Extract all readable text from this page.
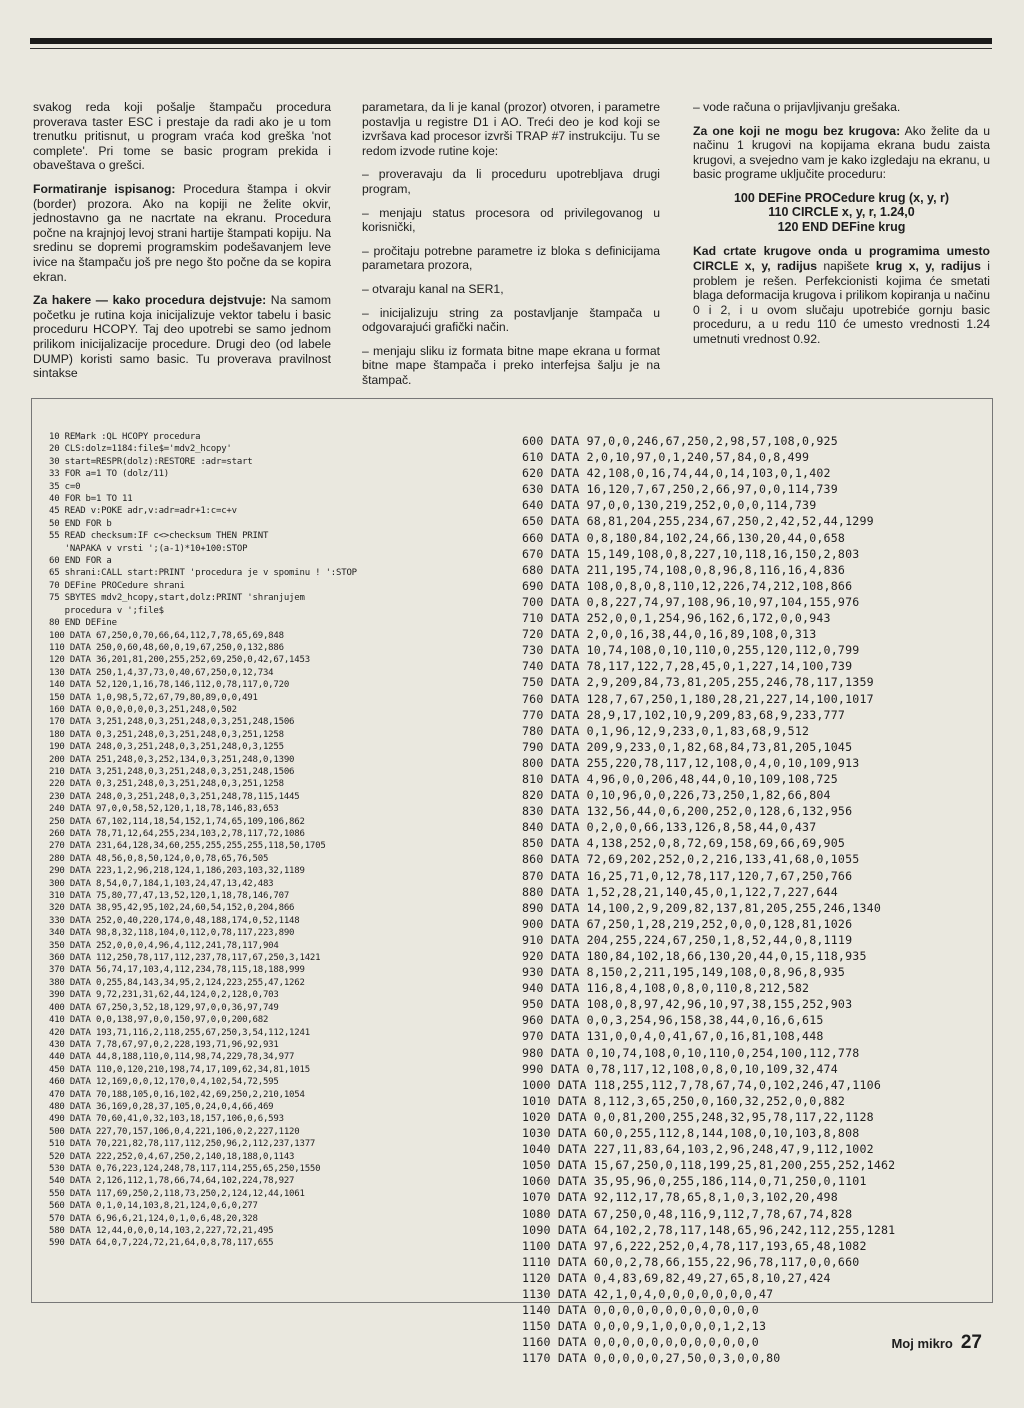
svakog reda koji pošalje štampaču procedura proverava taster ESC i prestaje da radi ako je u tom trenutku pritisnut, u program vraća kod greška 'not complete'. Pri tome se basic program prekida i obaveštava o grešci.

Formatiranje ispisanog: Procedura štampa i okvir (border) prozora. Ako na kopiji ne želite okvir, jednostavno ga ne nacrtate na ekranu. Procedura počne na krajnjoj levoj strani hartije štampati kopiju. Na sredinu se dopremi programskim podešavanjem leve ivice na štampaču još pre nego što počne da se kopira ekran.

Za hakere — kako procedura dejstvuje: Na samom početku je rutina koja inicijalizuje vektor tabelu i basic proceduru HCOPY. Taj deo upotrebi se samo jednom prilikom inicijalizacije procedure. Drugi deo (od labele DUMP) koristi samo basic. Tu proverava pravilnost sintakse

parametara, da li je kanal (prozor) otvoren, i parametre postavlja u registre D1 i AO. Treći deo je kod koji se izvršava kad procesor izvrši TRAP #7 instrukciju. Tu se redom izvode rutine koje:

– proveravaju da li proceduru upotrebljava drugi program,

– menjaju status procesora od privilegovanog u korisnički,

– pročitaju potrebne parametre iz bloka s definicijama parametara prozora,

– otvaraju kanal na SER1,

– inicijalizuju string za postavljanje štampača u odgovarajući grafički način.

– menjaju sliku iz formata bitne mape ekrana u format bitne mape štampača i preko interfejsa šalju je na štampač.

– vode računa o prijavljivanju grešaka.

Za one koji ne mogu bez krugova: Ako želite da u načinu 1 krugovi na kopijama ekrana budu zaista krugovi, a svejedno vam je kako izgledaju na ekranu, u basic programe uključite proceduru:

100 DEFine PROCedure krug (x, y, r)
110 CIRCLE x, y, r, 1.24,0
120 END DEFine krug

Kad crtate krugove onda u programima umesto CIRCLE x, y, radijus napišete krug x, y, radijus i problem je rešen. Perfekcionisti kojima će smetati blaga deformacija krugova i prilikom kopiranja u načinu 0 i 2, i u ovom slučaju upotrebiće gornju basic proceduru, a u redu 110 će umesto vrednosti 1.24 umetnuti vrednost 0.92.

10 REMark :QL HCOPY procedura
20 CLS:dolz=1184:file$='mdv2_hcopy'
30 start=RESPR(dolz):RESTORE :adr=start
33 FOR a=1 TO (dolz/11)
35 c=0
40 FOR b=1 TO 11
45 READ v:POKE adr,v:adr=adr+1:c=c+v
50 END FOR b
55 READ checksum:IF c<>checksum THEN PRINT
'NAPAKA v vrsti ';(a-1)*10+100:STOP
60 END FOR a
65 shrani:CALL start:PRINT 'procedura je v spominu ! ':STOP
70 DEFine PROCedure shrani
75 SBYTES mdv2_hcopy,start,dolz:PRINT 'shranjujem
procedura v ';file$
80 END DEFine
100 DATA 67,250,0,70,66,64,112,7,78,65,69,848
110 DATA 250,0,60,48,60,0,19,67,250,0,132,886
120 DATA 36,201,81,200,255,252,69,250,0,42,67,1453
130 DATA 250,1,4,37,73,0,40,67,250,0,12,734
140 DATA 52,120,1,16,78,146,112,0,78,117,0,720
150 DATA 1,0,98,5,72,67,79,80,89,0,0,491
160 DATA 0,0,0,0,0,0,3,251,248,0,502
170 DATA 3,251,248,0,3,251,248,0,3,251,248,1506
180 DATA 0,3,251,248,0,3,251,248,0,3,251,1258
190 DATA 248,0,3,251,248,0,3,251,248,0,3,1255
200 DATA 251,248,0,3,252,134,0,3,251,248,0,1390
210 DATA 3,251,248,0,3,251,248,0,3,251,248,1506
220 DATA 0,3,251,248,0,3,251,248,0,3,251,1258
230 DATA 248,0,3,251,248,0,3,251,248,78,115,1445
240 DATA 97,0,0,58,52,120,1,18,78,146,83,653
250 DATA 67,102,114,18,54,152,1,74,65,109,106,862
260 DATA 78,71,12,64,255,234,103,2,78,117,72,1086
270 DATA 231,64,128,34,60,255,255,255,255,118,50,1705
280 DATA 48,56,0,8,50,124,0,0,78,65,76,505
290 DATA 223,1,2,96,218,124,1,186,203,103,32,1189
300 DATA 8,54,0,7,184,1,103,24,47,13,42,483
310 DATA 75,80,77,47,13,52,120,1,18,78,146,707
320 DATA 38,95,42,95,102,24,60,54,152,0,204,866
330 DATA 252,0,40,220,174,0,48,188,174,0,52,1148
340 DATA 98,8,32,118,104,0,112,0,78,117,223,890
350 DATA 252,0,0,0,4,96,4,112,241,78,117,904
360 DATA 112,250,78,117,112,237,78,117,67,250,3,1421
370 DATA 56,74,17,103,4,112,234,78,115,18,188,999
380 DATA 0,255,84,143,34,95,2,124,223,255,47,1262
390 DATA 9,72,231,31,62,44,124,0,2,128,0,703
400 DATA 67,250,3,52,18,129,97,0,0,36,97,749
410 DATA 0,0,138,97,0,0,150,97,0,0,200,682
420 DATA 193,71,116,2,118,255,67,250,3,54,112,1241
430 DATA 7,78,67,97,0,2,228,193,71,96,92,931
440 DATA 44,8,188,110,0,114,98,74,229,78,34,977
450 DATA 110,0,120,210,198,74,17,109,62,34,81,1015
460 DATA 12,169,0,0,12,170,0,4,102,54,72,595
470 DATA 70,188,105,0,16,102,42,69,250,2,210,1054
480 DATA 36,169,0,28,37,105,0,24,0,4,66,469
490 DATA 70,60,41,0,32,103,18,157,106,0,6,593
500 DATA 227,70,157,106,0,4,221,106,0,2,227,1120
510 DATA 70,221,82,78,117,112,250,96,2,112,237,1377
520 DATA 222,252,0,4,67,250,2,140,18,188,0,1143
530 DATA 0,76,223,124,248,78,117,114,255,65,250,1550
540 DATA 2,126,112,1,78,66,74,64,102,224,78,927
550 DATA 117,69,250,2,118,73,250,2,124,12,44,1061
560 DATA 0,1,0,14,103,8,21,124,0,6,0,277
570 DATA 6,96,6,21,124,0,1,0,6,48,20,328
580 DATA 12,44,0,0,0,14,103,2,227,72,21,495
590 DATA 64,0,7,224,72,21,64,0,8,78,117,655
600 DATA 97,0,0,246,67,250,2,98,57,108,0,925
610 DATA 2,0,10,97,0,1,240,57,84,0,8,499
620 DATA 42,108,0,16,74,44,0,14,103,0,1,402
630 DATA 16,120,7,67,250,2,66,97,0,0,114,739
640 DATA 97,0,0,130,219,252,0,0,0,114,739
650 DATA 68,81,204,255,234,67,250,2,42,52,44,1299
660 DATA 0,8,180,84,102,24,66,130,20,44,0,658
670 DATA 15,149,108,0,8,227,10,118,16,150,2,803
680 DATA 211,195,74,108,0,8,96,8,116,16,4,836
690 DATA 108,0,8,0,8,110,12,226,74,212,108,866
700 DATA 0,8,227,74,97,108,96,10,97,104,155,976
710 DATA 252,0,0,1,254,96,162,6,172,0,0,943
720 DATA 2,0,0,16,38,44,0,16,89,108,0,313
730 DATA 10,74,108,0,10,110,0,255,120,112,0,799
740 DATA 78,117,122,7,28,45,0,1,227,14,100,739
750 DATA 2,9,209,84,73,81,205,255,246,78,117,1359
760 DATA 128,7,67,250,1,180,28,21,227,14,100,1017
770 DATA 28,9,17,102,10,9,209,83,68,9,233,777
780 DATA 0,1,96,12,9,233,0,1,83,68,9,512
790 DATA 209,9,233,0,1,82,68,84,73,81,205,1045
800 DATA 255,220,78,117,12,108,0,4,0,10,109,913
810 DATA 4,96,0,0,206,48,44,0,10,109,108,725
820 DATA 0,10,96,0,0,226,73,250,1,82,66,804
830 DATA 132,56,44,0,6,200,252,0,128,6,132,956
840 DATA 0,2,0,0,66,133,126,8,58,44,0,437
850 DATA 4,138,252,0,8,72,69,158,69,66,69,905
860 DATA 72,69,202,252,0,2,216,133,41,68,0,1055
870 DATA 16,25,71,0,12,78,117,120,7,67,250,766
880 DATA 1,52,28,21,140,45,0,1,122,7,227,644
890 DATA 14,100,2,9,209,82,137,81,205,255,246,1340
900 DATA 67,250,1,28,219,252,0,0,0,128,81,1026
910 DATA 204,255,224,67,250,1,8,52,44,0,8,1119
920 DATA 180,84,102,18,66,130,20,44,0,15,118,935
930 DATA 8,150,2,211,195,149,108,0,8,96,8,935
940 DATA 116,8,4,108,0,8,0,110,8,212,582
950 DATA 108,0,8,97,42,96,10,97,38,155,252,903
960 DATA 0,0,3,254,96,158,38,44,0,16,6,615
970 DATA 131,0,0,4,0,41,67,0,16,81,108,448
980 DATA 0,10,74,108,0,10,110,0,254,100,112,778
990 DATA 0,78,117,12,108,0,8,0,10,109,32,474
1000 DATA 118,255,112,7,78,67,74,0,102,246,47,1106
1010 DATA 8,112,3,65,250,0,160,32,252,0,0,882
1020 DATA 0,0,81,200,255,248,32,95,78,117,22,1128
1030 DATA 60,0,255,112,8,144,108,0,10,103,8,808
1040 DATA 227,11,83,64,103,2,96,248,47,9,112,1002
1050 DATA 15,67,250,0,118,199,25,81,200,255,252,1462
1060 DATA 35,95,96,0,255,186,114,0,71,250,0,1101
1070 DATA 92,112,17,78,65,8,1,0,3,102,20,498
1080 DATA 67,250,0,48,116,9,112,7,78,67,74,828
1090 DATA 64,102,2,78,117,148,65,96,242,112,255,1281
1100 DATA 97,6,222,252,0,4,78,117,193,65,48,1082
1110 DATA 60,0,2,78,66,155,22,96,78,117,0,0,660
1120 DATA 0,4,83,69,82,49,27,65,8,10,27,424
1130 DATA 42,1,0,4,0,0,0,0,0,0,0,47
1140 DATA 0,0,0,0,0,0,0,0,0,0,0,0
1150 DATA 0,0,0,9,1,0,0,0,0,1,2,13
1160 DATA 0,0,0,0,0,0,0,0,0,0,0,0
1170 DATA 0,0,0,0,0,27,50,0,3,0,0,80
Moj mikro 27
